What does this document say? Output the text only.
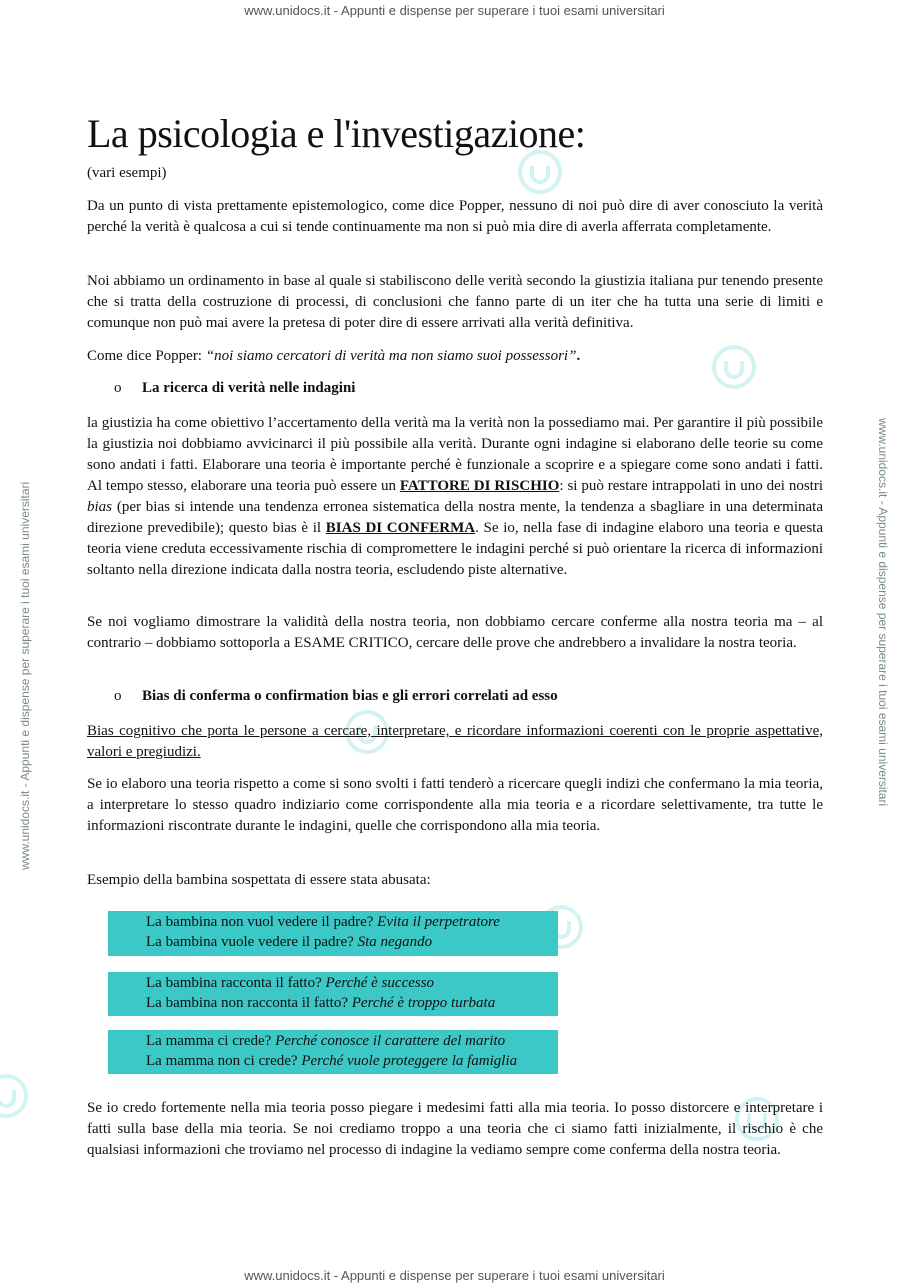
www.unidocs.it - Appunti e dispense per superare i tuoi esami universitari
www.unidocs.it - Appunti e dispense per superare i tuoi esami universitari
www.unidocs.it - Appunti e dispense per superare i tuoi esami universitari	www.unidocs.it - Appunti e dispense per superare i tuoi esami universitari
La psicologia e l'investigazione:
(vari esempi)

Da un punto di vista prettamente epistemologico, come dice Popper, nessuno di noi può dire di aver conosciuto la verità perché la verità è qualcosa a cui si tende continuamente ma non si può mia dire di averla afferrata completamente.

Noi abbiamo un ordinamento in base al quale si stabiliscono delle verità secondo la giustizia italiana pur tenendo presente che si tratta della costruzione di processi, di conclusioni che fanno parte di un iter che ha tutta una serie di limiti e comunque non può mai avere la pretesa di poter dire di essere arrivati alla verità definitiva.

Come dice Popper: “noi siamo cercatori di verità ma non siamo suoi possessori”.

o La ricerca di verità nelle indagini

la giustizia ha come obiettivo l’accertamento della verità ma la verità non la possediamo mai. Per garantire il più possibile la giustizia noi dobbiamo avvicinarci il più possibile alla verità. Durante ogni indagine si elaborano delle teorie su come sono andati i fatti. Elaborare una teoria è importante perché è funzionale a scoprire e a spiegare come sono andati i fatti. Al tempo stesso, elaborare una teoria può essere un FATTORE DI RISCHIO: si può restare intrappolati in uno dei nostri bias (per bias si intende una tendenza erronea sistematica della nostra mente, la tendenza a sbagliare in una determinata direzione prevedibile); questo bias è il BIAS DI CONFERMA. Se io, nella fase di indagine elaboro una teoria e questa teoria viene creduta eccessivamente rischia di compromettere le indagini perché si può orientare la ricerca di informazioni soltanto nella direzione indicata dalla nostra teoria, escludendo piste alternative.

Se noi vogliamo dimostrare la validità della nostra teoria, non dobbiamo cercare conferme alla nostra teoria ma – al contrario – dobbiamo sottoporla a ESAME CRITICO, cercare delle prove che andrebbero a invalidare la nostra teoria.

o Bias di conferma o confirmation bias e gli errori correlati ad esso

Bias cognitivo che porta le persone a cercare, interpretare, e ricordare informazioni coerenti con le proprie aspettative, valori e pregiudizi.

Se io elaboro una teoria rispetto a come si sono svolti i fatti tenderò a ricercare quegli indizi che confermano la mia teoria, a interpretare lo stesso quadro indiziario come corrispondente alla mia teoria e a ricordare selettivamente, tra tutte le informazioni riscontrate durante le indagini, quelle che corrispondono alla mia teoria.

Esempio della bambina sospettata di essere stata abusata:

La bambina non vuol vedere il padre? Evita il perpetratore
La bambina vuole vedere il padre? Sta negando
La bambina racconta il fatto? Perché è successo
La bambina non racconta il fatto? Perché è troppo turbata
La mamma ci crede? Perché conosce il carattere del marito
La mamma non ci crede? Perché vuole proteggere la famiglia

Se io credo fortemente nella mia teoria posso piegare i medesimi fatti alla mia teoria. Io posso distorcere e interpretare i fatti sulla base della mia teoria. Se noi crediamo troppo a una teoria che ci siamo fatti inizialmente, il rischio è che qualsiasi informazioni che troviamo nel processo di indagine la vediamo sempre come conferma della nostra teoria.
